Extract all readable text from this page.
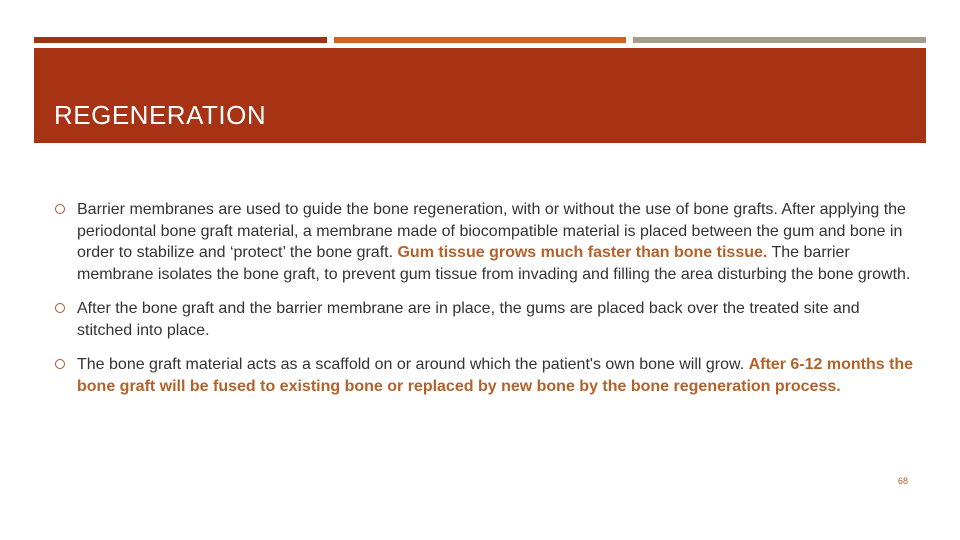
REGENERATION
Barrier membranes are used to guide the bone regeneration, with or without the use of bone grafts. After applying the periodontal bone graft material, a membrane made of biocompatible material is placed between the gum and bone in order to stabilize and ‘protect’ the bone graft. Gum tissue grows much faster than bone tissue. The barrier membrane isolates the bone graft, to prevent gum tissue from invading and filling the area disturbing the bone growth.
After the bone graft and the barrier membrane are in place, the gums are placed back over the treated site and stitched into place.
The bone graft material acts as a scaffold on or around which the patient's own bone will grow. After 6-12 months the bone graft will be fused to existing bone or replaced by new bone by the bone regeneration process.
68
